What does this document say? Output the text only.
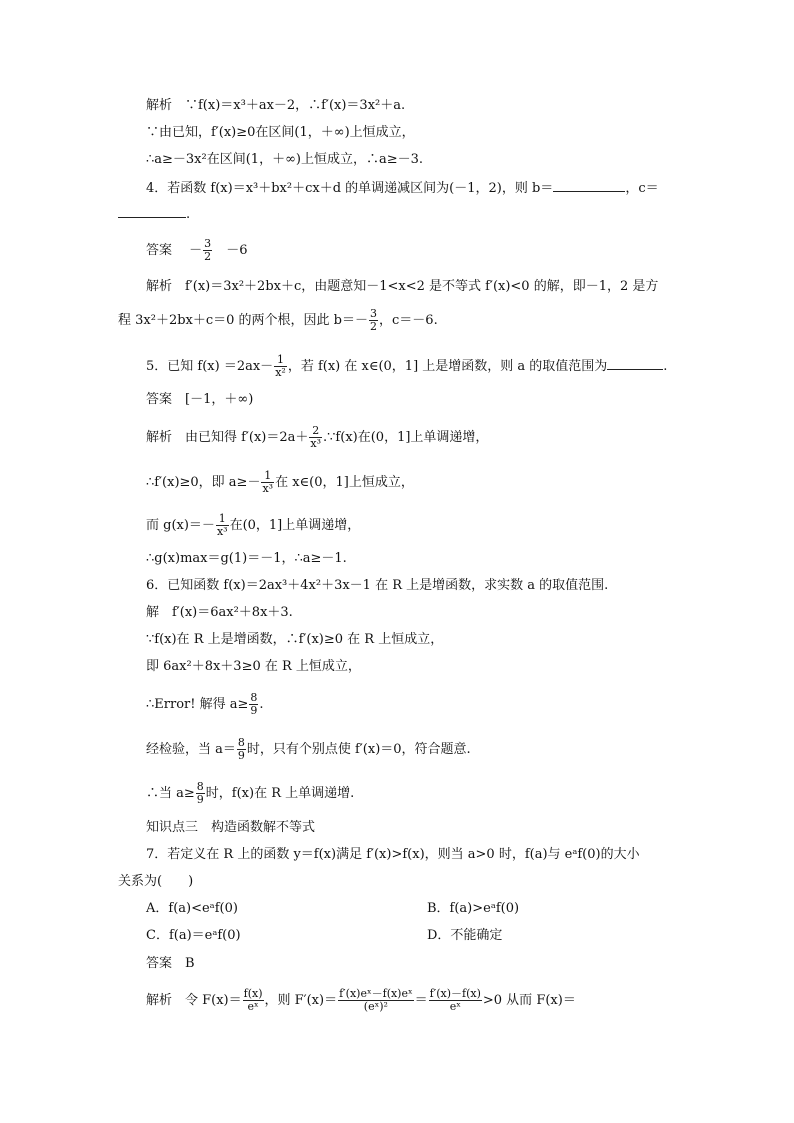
解析　∵f(x)＝x³＋ax－2，∴f′(x)＝3x²＋a.
∵由已知，f′(x)≥0在区间(1，＋∞)上恒成立，
∴a≥－3x²在区间(1，＋∞)上恒成立，∴a≥－3.
4．若函数 f(x)＝x³＋bx²＋cx＋d 的单调递减区间为(－1，2)，则 b＝	，c＝
.
答案　 － $\frac{3}{2}$
　 －6
解析　f′(x)＝3x²＋2bx＋c，由题意知－1<x<2 是不等式 f′(x)<0 的解，即－1，2 是方
程 3x²＋2bx＋c＝0 的两个根，因此 $b=- \frac{3}{2}$ ，c＝－6.
5．已知 $f(x) =2ax- \frac{1}{\text{x²}}$ ，若 f(x) 在 x∈(0，1] 上是增函数，则 a 的取值范围为	.
答案　 [－1，＋∞)
解析　由已知得 $f'(x)=2a+ \frac{2}{\text{x³}}$ .∵f(x)在(0，1]上单调递增，
∴f′(x)≥0，即 $a\ge- \frac{1}{\text{x³}}$ 在 x∈(0，1]上恒成立，
而 $g(x)=- \frac{1}{\text{x³}}$ 在(0，1]上单调递增，
∴g(x)max＝g(1)＝－1，∴a≥－1.
6．已知函数 f(x)＝2ax³＋4x²＋3x－1 在 R 上是增函数，求实数 a 的取值范围.
解　f′(x)＝6ax²＋8x＋3.
∵f(x)在 R 上是增函数，∴f′(x)≥0 在 R 上恒成立，
即 6ax²＋8x＋3≥0 在 R 上恒成立，
∴Error! 解得 $a\ge \frac{8}{9}$ .
经检验，当 $a= \frac{8}{9}$ 时，只有个别点使 f′(x)＝0，符合题意.
∴当 $a\ge \frac{8}{9}$ 时，f(x)在 R 上单调递增.
知识点三　构造函数解不等式
7．若定义在 R 上的函数 y＝f(x)满足 f′(x)>f(x)，则当 a>0 时，f(a)与 eᵃf(0)的大小
关系为(　　)
A．f(a)<eᵃf(0)	B．f(a)>eᵃf(0)
C．f(a)＝eᵃf(0)	D．不能确定
答案　 B
解析　令 $F(x)= \frac{f(x)}{\text{eˣ}}$ ，则 $F'(x)= \frac{\text{f′(x)eˣ－f(x)eˣ}}{\text{(eˣ)²}} = \frac{f'(x)-f(x)}{\text{eˣ}} >0$ 从而 F(x)＝
